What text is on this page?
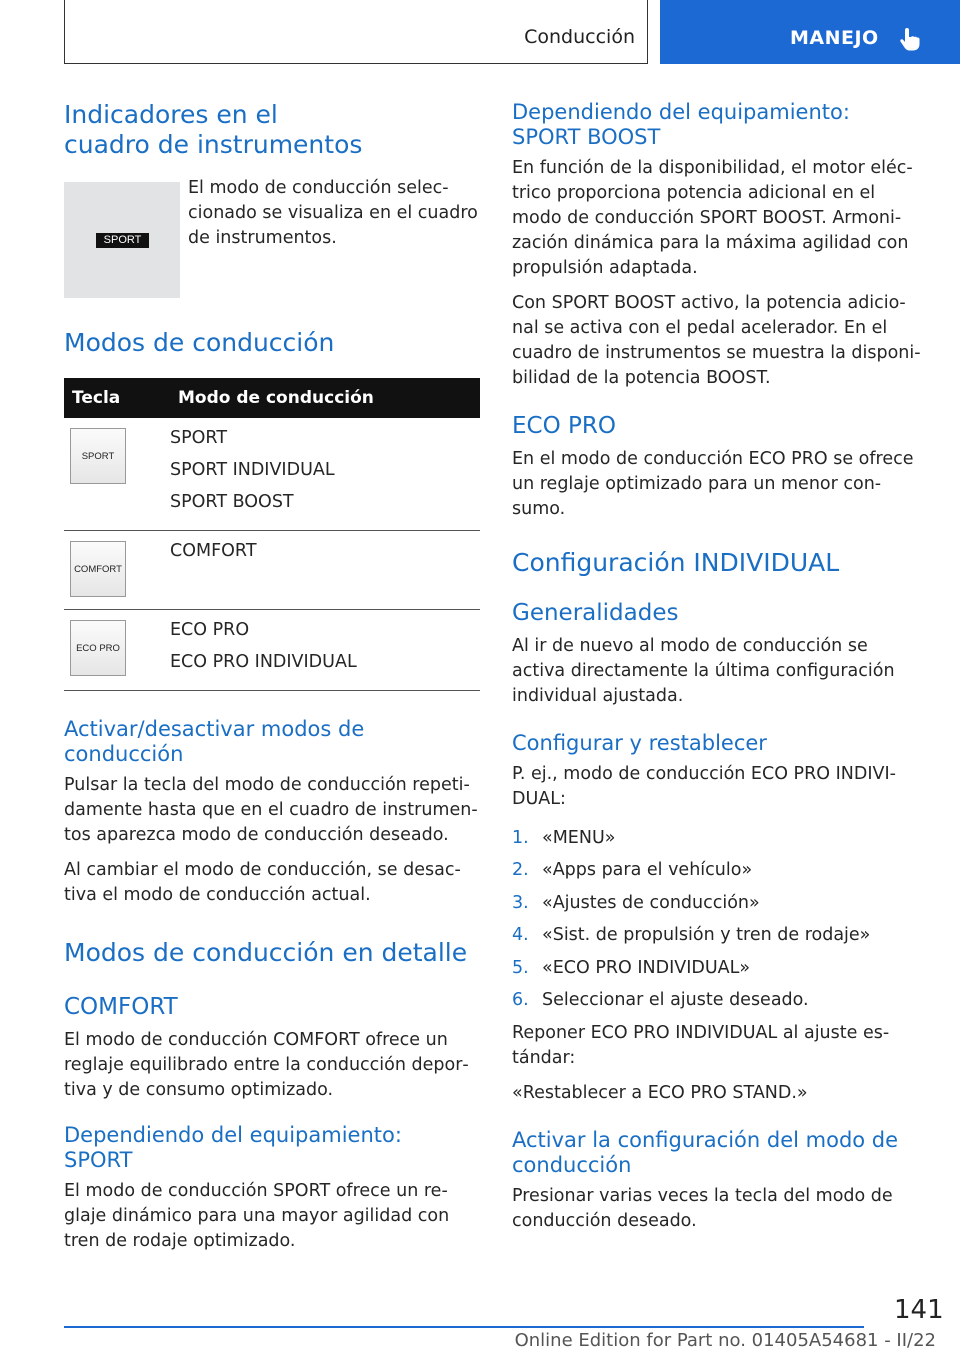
Conducción	MANEJO
Indicadores en el cuadro de instrumentos
SPORT

El modo de conducción seleccionado se visualiza en el cuadro de instrumentos.

Modos de conducción
Tecla	Modo de conducción

SPORT	SPORT
SPORT INDIVIDUAL
SPORT BOOST

COMFORT	COMFORT

ECO PRO	ECO PRO
ECO PRO INDIVIDUAL
Activar/desactivar modos de conducción

Pulsar la tecla del modo de conducción repetidamente hasta que en el cuadro de instrumentos aparezca modo de conducción deseado.

Al cambiar el modo de conducción, se desactiva el modo de conducción actual.

Modos de conducción en detalle
COMFORT

El modo de conducción COMFORT ofrece un reglaje equilibrado entre la conducción deportiva y de consumo optimizado.

Dependiendo del equipamiento: SPORT

El modo de conducción SPORT ofrece un reglaje dinámico para una mayor agilidad con tren de rodaje optimizado.

Dependiendo del equipamiento: SPORT BOOST

En función de la disponibilidad, el motor eléctrico proporciona potencia adicional en el modo de conducción SPORT BOOST. Armonización dinámica para la máxima agilidad con propulsión adaptada.

Con SPORT BOOST activo, la potencia adicional se activa con el pedal acelerador. En el cuadro de instrumentos se muestra la disponibilidad de la potencia BOOST.

ECO PRO

En el modo de conducción ECO PRO se ofrece un reglaje optimizado para un menor consumo.

Configuración INDIVIDUAL
Generalidades

Al ir de nuevo al modo de conducción se activa directamente la última configuración individual ajustada.

Configurar y restablecer

P. ej., modo de conducción ECO PRO INDIVIDUAL:

1. «MENU»
2. «Apps para el vehículo»
3. «Ajustes de conducción»
4. «Sist. de propulsión y tren de rodaje»
5. «ECO PRO INDIVIDUAL»
6. Seleccionar el ajuste deseado.

Reponer ECO PRO INDIVIDUAL al ajuste estándar:

«Restablecer a ECO PRO STAND.»

Activar la configuración del modo de conducción

Presionar varias veces la tecla del modo de conducción deseado.

141
Online Edition for Part no. 01405A54681 - II/22
